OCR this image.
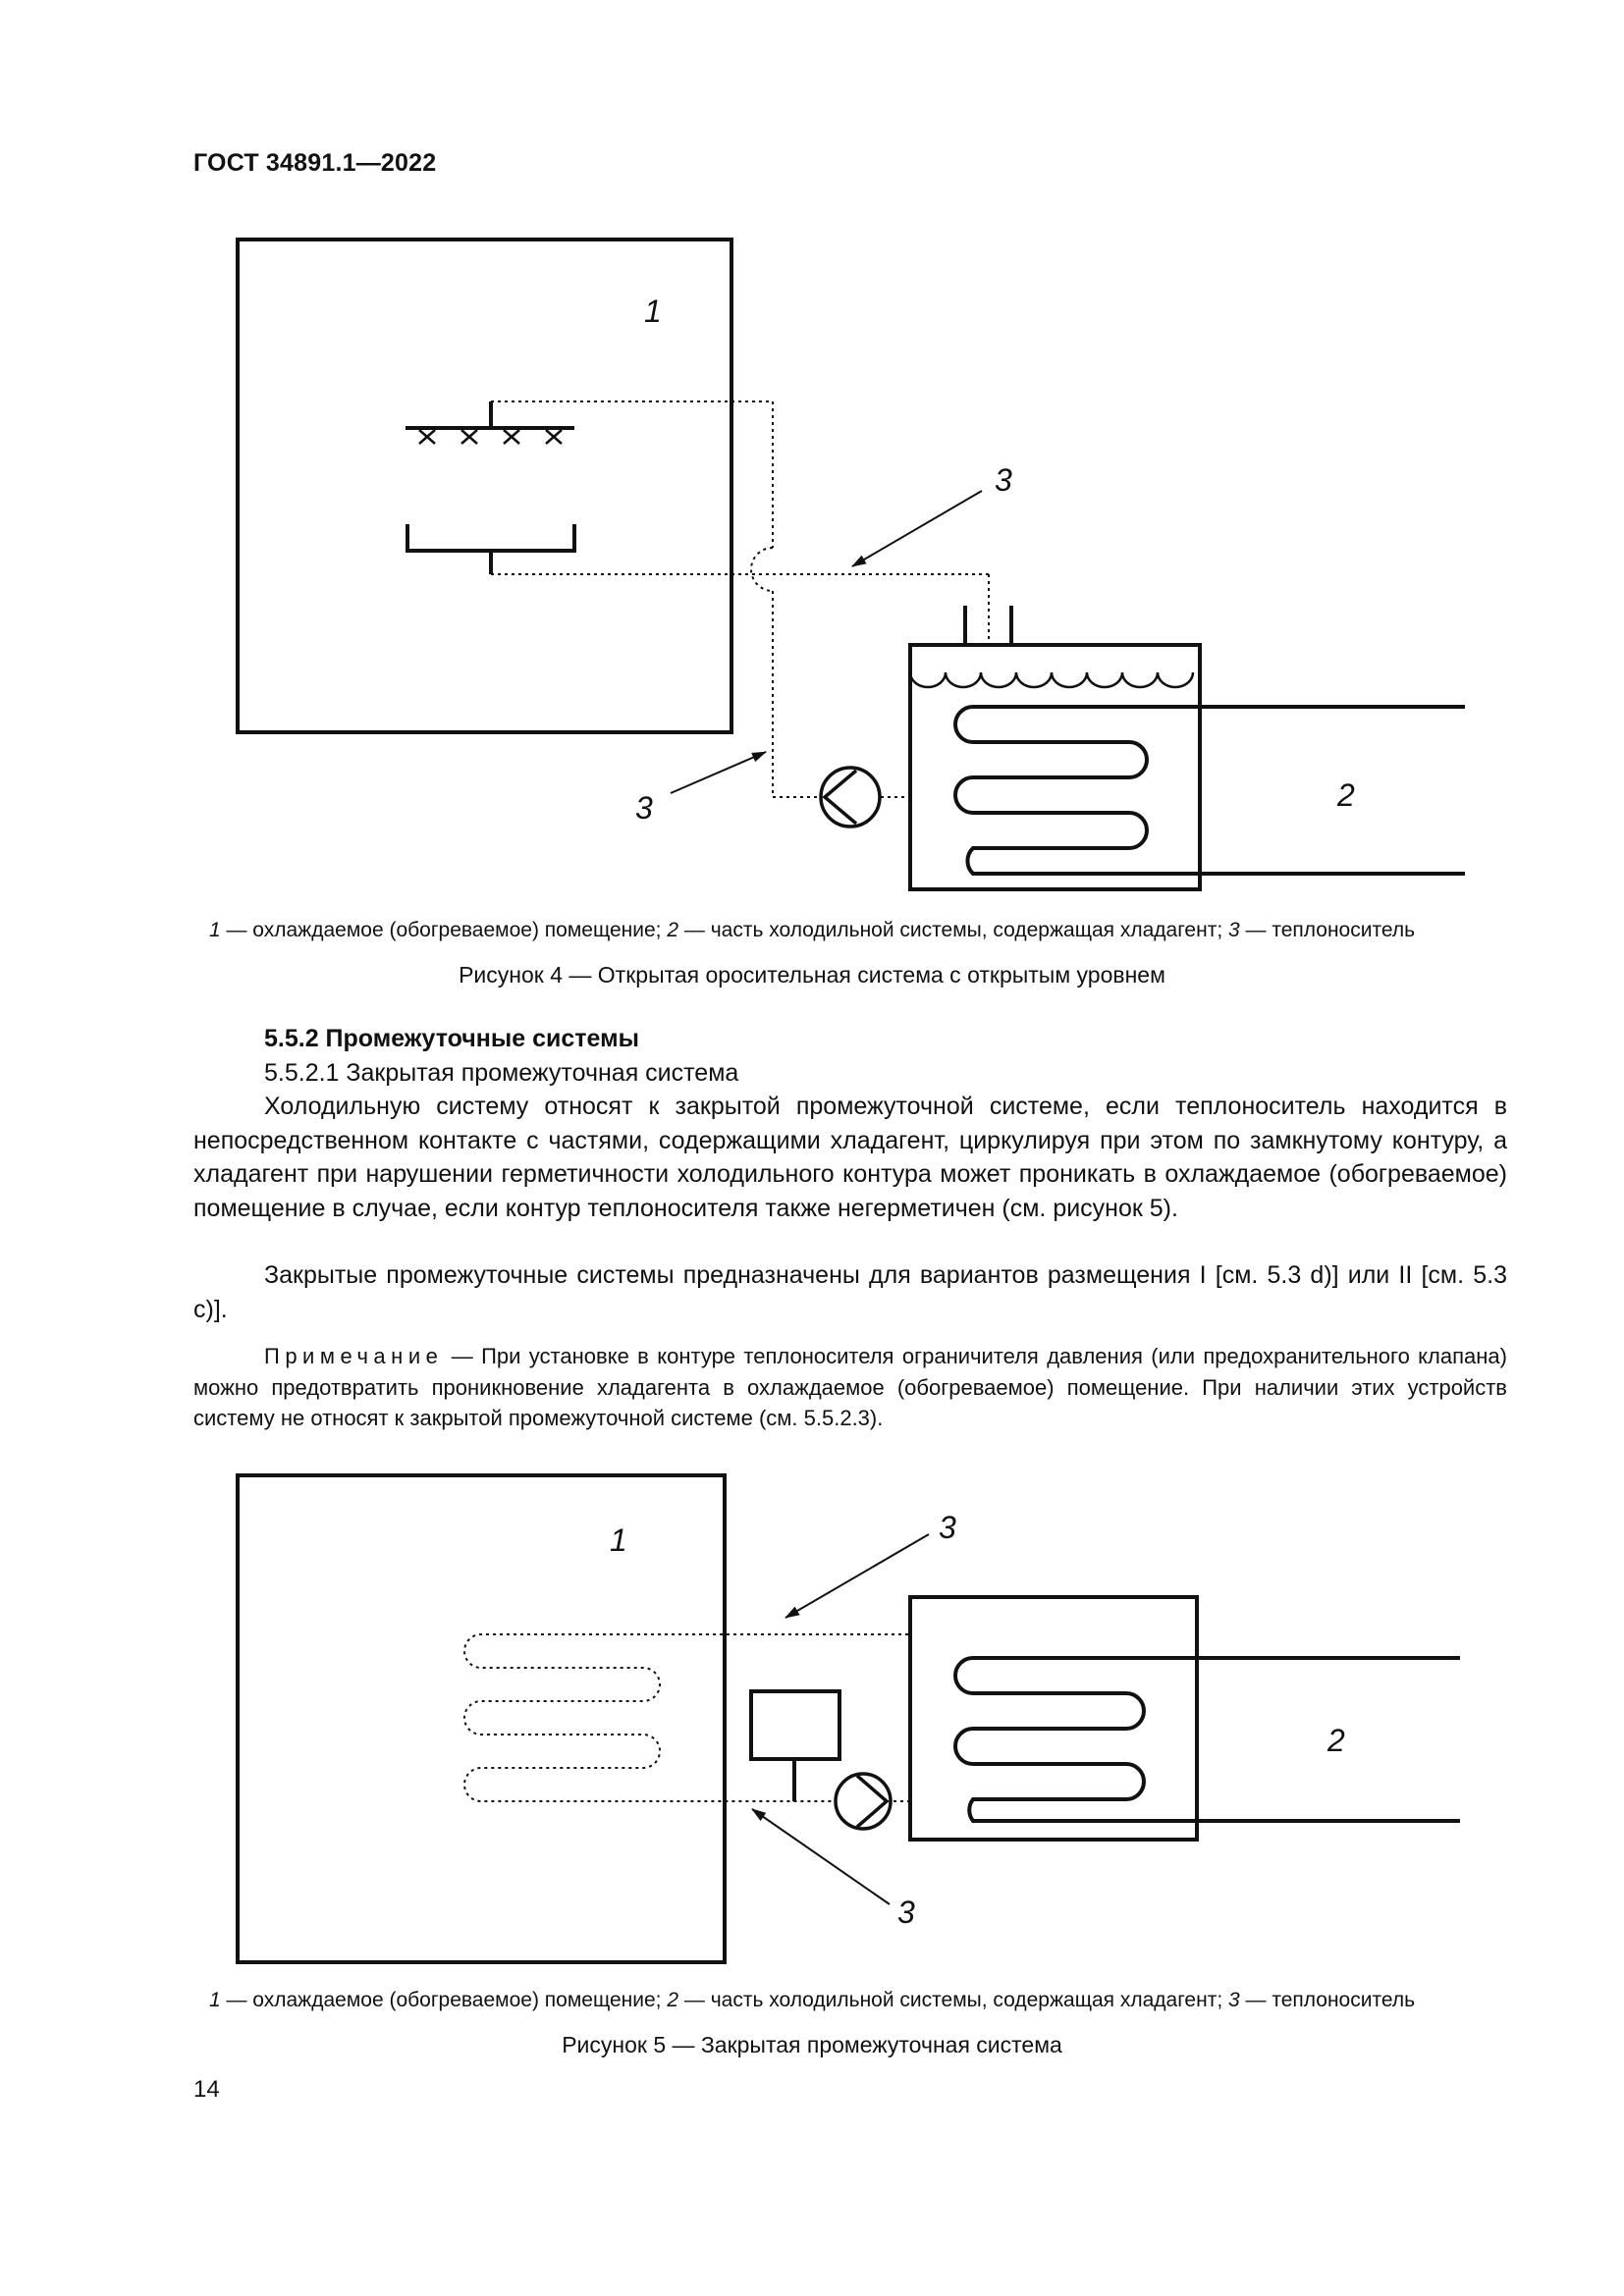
ГОСТ 34891.1—2022
1
3
3	2
1 — охлаждаемое (обогреваемое) помещение; 2 — часть холодильной системы, содержащая хладагент; 3 — теплоноситель
Рисунок 4 — Открытая оросительная система с открытым уровнем
5.5.2 Промежуточные системы
5.5.2.1 Закрытая промежуточная система
Холодильную систему относят к закрытой промежуточной системе, если теплоноситель находится в непосредственном контакте с частями, содержащими хладагент, циркулируя при этом по замкнутому контуру, а хладагент при нарушении герметичности холодильного контура может проникать в охлаждаемое (обогреваемое) помещение в случае, если контур теплоносителя также негерметичен (см. рисунок 5).
Закрытые промежуточные системы предназначены для вариантов размещения I [см. 5.3 d)] или II [см. 5.3 c)].
Примечание — При установке в контуре теплоносителя ограничителя давления (или предохранительного клапана) можно предотвратить проникновение хладагента в охлаждаемое (обогреваемое) помещение. При наличии этих устройств систему не относят к закрытой промежуточной системе (см. 5.5.2.3).
1	3
3
2
1 — охлаждаемое (обогреваемое) помещение; 2 — часть холодильной системы, содержащая хладагент; 3 — теплоноситель
Рисунок 5 — Закрытая промежуточная система
14
